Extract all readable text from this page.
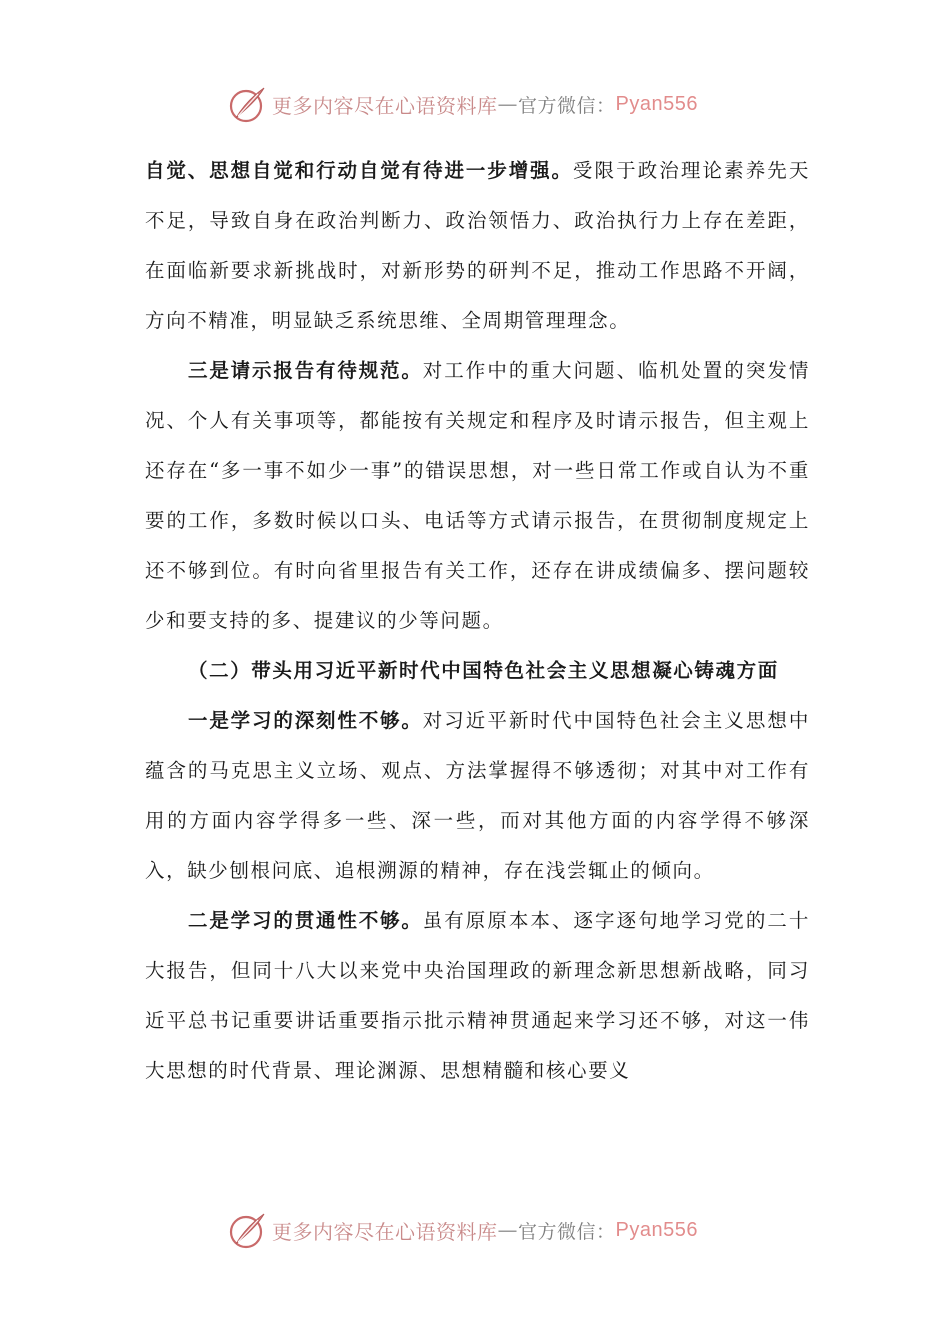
更多内容尽在心语资料库 — 官方微信： Pyan556

自觉、思想自觉和行动自觉有待进一步增强。受限于政治理论素养先天不足，导致自身在政治判断力、政治领悟力、政治执行力上存在差距，在面临新要求新挑战时，对新形势的研判不足，推动工作思路不开阔，方向不精准，明显缺乏系统思维、全周期管理理念。

三是请示报告有待规范。对工作中的重大问题、临机处置的突发情况、个人有关事项等，都能按有关规定和程序及时请示报告，但主观上还存在“多一事不如少一事”的错误思想，对一些日常工作或自认为不重要的工作，多数时候以口头、电话等方式请示报告，在贯彻制度规定上还不够到位。有时向省里报告有关工作，还存在讲成绩偏多、摆问题较少和要支持的多、提建议的少等问题。

（二）带头用习近平新时代中国特色社会主义思想凝心铸魂方面

一是学习的深刻性不够。对习近平新时代中国特色社会主义思想中蕴含的马克思主义立场、观点、方法掌握得不够透彻；对其中对工作有用的方面内容学得多一些、深一些，而对其他方面的内容学得不够深入，缺少刨根问底、追根溯源的精神，存在浅尝辄止的倾向。

二是学习的贯通性不够。虽有原原本本、逐字逐句地学习党的二十大报告，但同十八大以来党中央治国理政的新理念新思想新战略，同习近平总书记重要讲话重要指示批示精神贯通起来学习还不够，对这一伟大思想的时代背景、理论渊源、思想精髓和核心要义

更多内容尽在心语资料库 — 官方微信： Pyan556
